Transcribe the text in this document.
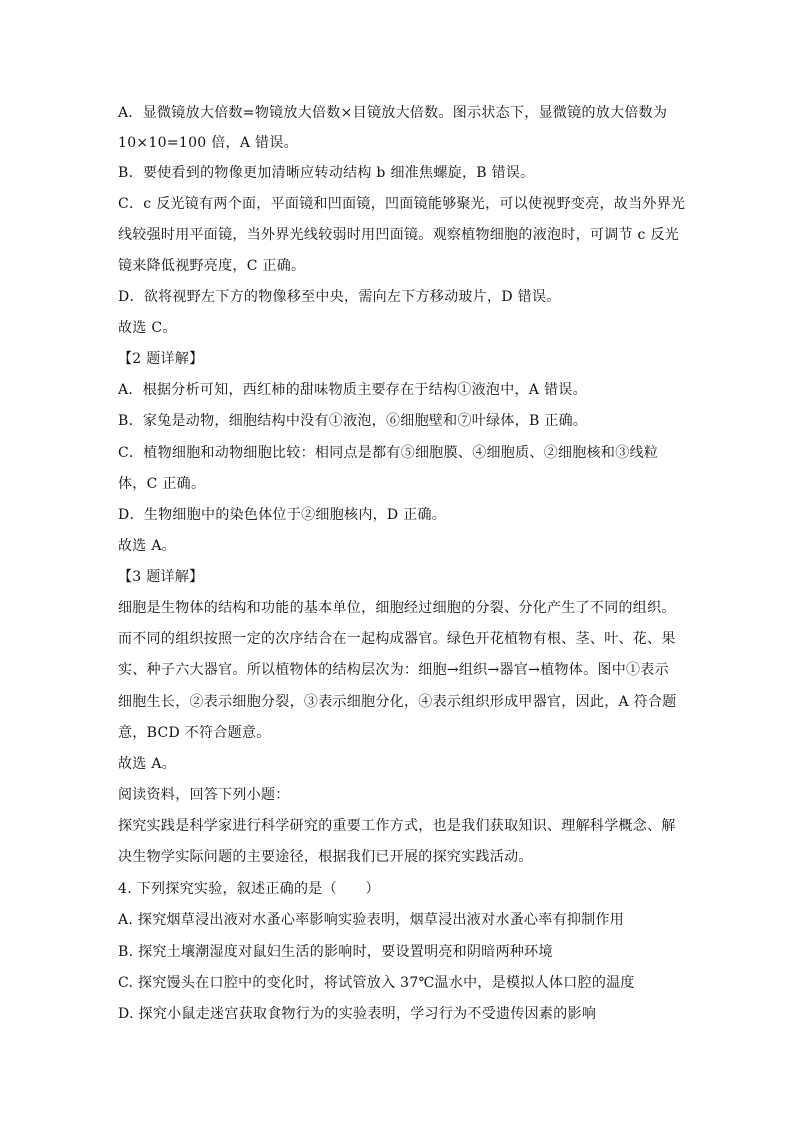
A．显微镜放大倍数=物镜放大倍数×目镜放大倍数。图示状态下，显微镜的放大倍数为
10×10=100 倍，A 错误。
B．要使看到的物像更加清晰应转动结构 b 细准焦螺旋，B 错误。
C．c 反光镜有两个面，平面镜和凹面镜，凹面镜能够聚光，可以使视野变亮，故当外界光
线较强时用平面镜，当外界光线较弱时用凹面镜。观察植物细胞的液泡时，可调节 c 反光
镜来降低视野亮度，C 正确。
D．欲将视野左下方的物像移至中央，需向左下方移动玻片，D 错误。
故选 C。
【2 题详解】
A．根据分析可知，西红柿的甜味物质主要存在于结构①液泡中，A 错误。
B．家兔是动物，细胞结构中没有①液泡，⑥细胞壁和⑦叶绿体，B 正确。
C．植物细胞和动物细胞比较：相同点是都有⑤细胞膜、④细胞质、②细胞核和③线粒
体，C 正确。
D．生物细胞中的染色体位于②细胞核内，D 正确。
故选 A。
【3 题详解】
细胞是生物体的结构和功能的基本单位，细胞经过细胞的分裂、分化产生了不同的组织。
而不同的组织按照一定的次序结合在一起构成器官。绿色开花植物有根、茎、叶、花、果
实、种子六大器官。所以植物体的结构层次为：细胞→组织→器官→植物体。图中①表示
细胞生长，②表示细胞分裂，③表示细胞分化，④表示组织形成甲器官，因此，A 符合题
意，BCD 不符合题意。
故选 A。
阅读资料，回答下列小题：
探究实践是科学家进行科学研究的重要工作方式，也是我们获取知识、理解科学概念、解
决生物学实际问题的主要途径，根据我们已开展的探究实践活动。
4. 下列探究实验，叙述正确的是（　　）
A. 探究烟草浸出液对水蚤心率影响实验表明，烟草浸出液对水蚤心率有抑制作用
B. 探究土壤潮湿度对鼠妇生活的影响时，要设置明亮和阴暗两种环境
C. 探究馒头在口腔中的变化时，将试管放入 37℃温水中，是模拟人体口腔的温度
D. 探究小鼠走迷宫获取食物行为的实验表明，学习行为不受遗传因素的影响
